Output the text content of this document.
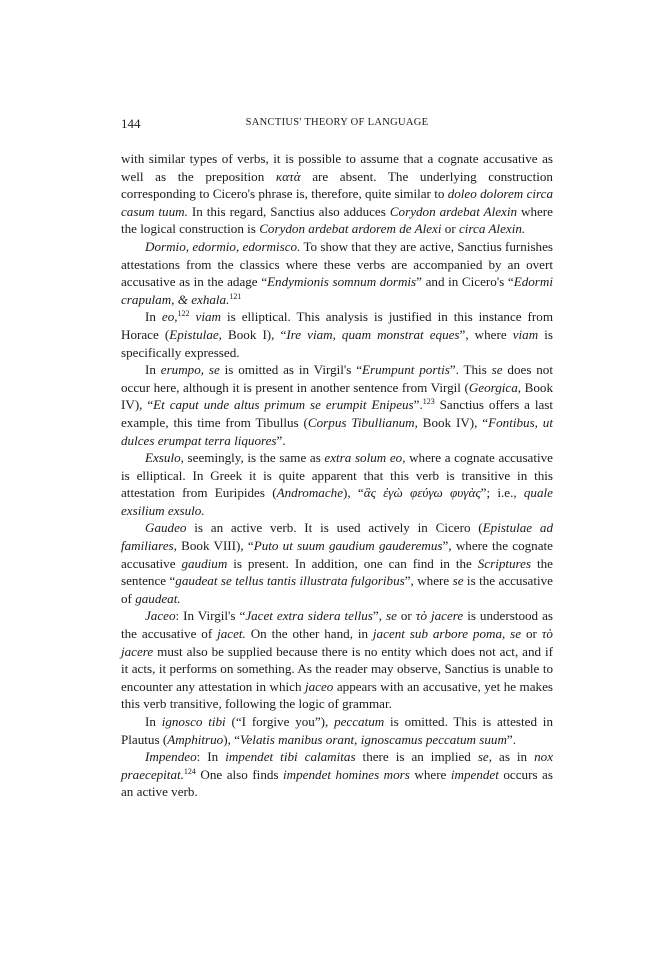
144	SANCTIUS' THEORY OF LANGUAGE

with similar types of verbs, it is possible to assume that a cognate accusative as well as the preposition κατὰ are absent. The underlying construction corresponding to Cicero's phrase is, therefore, quite similar to doleo dolorem circa casum tuum. In this regard, Sanctius also adduces Corydon ardebat Alexin where the logical construction is Corydon ardebat ardorem de Alexi or circa Alexin.

Dormio, edormio, edormisco. To show that they are active, Sanctius furnishes attestations from the classics where these verbs are accompanied by an overt accusative as in the adage “Endymionis somnum dormis” and in Cicero's “Edormi crapulam, & exhala.$^{121}$

In eo,$^{122}$ viam is elliptical. This analysis is justified in this instance from Horace (Epistulae, Book I), “Ire viam, quam monstrat eques”, where viam is specifically expressed.

In erumpo, se is omitted as in Virgil's “Erumpunt portis”. This se does not occur here, although it is present in another sentence from Virgil (Georgica, Book IV), “Et caput unde altus primum se erumpit Enipeus”.$^{123}$ Sanctius offers a last example, this time from Tibullus (Corpus Tibullianum, Book IV), “Fontibus, ut dulces erumpat terra liquores”.

Exsulo, seemingly, is the same as extra solum eo, where a cognate accusative is elliptical. In Greek it is quite apparent that this verb is transitive in this attestation from Euripides (Andromache), “ἃς ἐγὼ φεύγω φυγὰς”; i.e., quale exsilium exsulo.

Gaudeo is an active verb. It is used actively in Cicero (Epistulae ad familiares, Book VIII), “Puto ut suum gaudium gauderemus”, where the cognate accusative gaudium is present. In addition, one can find in the Scriptures the sentence “gaudeat se tellus tantis illustrata fulgoribus”, where se is the accusative of gaudeat.

Jaceo: In Virgil's “Jacet extra sidera tellus”, se or τὸ jacere is understood as the accusative of jacet. On the other hand, in jacent sub arbore poma, se or τὸ jacere must also be supplied because there is no entity which does not act, and if it acts, it performs on something. As the reader may observe, Sanctius is unable to encounter any attestation in which jaceo appears with an accusative, yet he makes this verb transitive, following the logic of grammar.

In ignosco tibi (“I forgive you”), peccatum is omitted. This is attested in Plautus (Amphitruo), “Velatis manibus orant, ignoscamus peccatum suum”.

Impendeo: In impendet tibi calamitas there is an implied se, as in nox praecepitat.$^{124}$ One also finds impendet homines mors where impendet occurs as an active verb.
